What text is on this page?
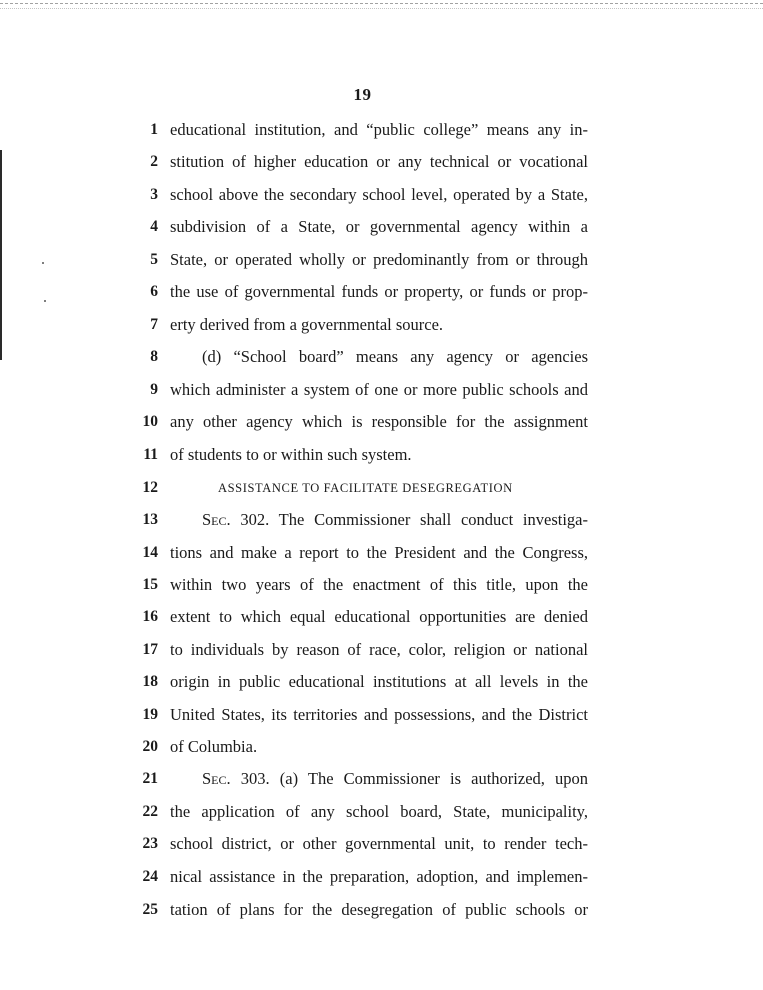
19
1 educational institution, and “public college” means any in-
2 stitution of higher education or any technical or vocational
3 school above the secondary school level, operated by a State,
4 subdivision of a State, or governmental agency within a
5 State, or operated wholly or predominantly from or through
6 the use of governmental funds or property, or funds or prop-
7 erty derived from a governmental source.
8	(d) “School board” means any agency or agencies
9 which administer a system of one or more public schools and
10 any other agency which is responsible for the assignment
11 of students to or within such system.
12	ASSISTANCE TO FACILITATE DESEGREGATION
13	Sec. 302. The Commissioner shall conduct investiga-
14 tions and make a report to the President and the Congress,
15 within two years of the enactment of this title, upon the
16 extent to which equal educational opportunities are denied
17 to individuals by reason of race, color, religion or national
18 origin in public educational institutions at all levels in the
19 United States, its territories and possessions, and the District
20 of Columbia.
21	Sec. 303. (a) The Commissioner is authorized, upon
22 the application of any school board, State, municipality,
23 school district, or other governmental unit, to render tech-
24 nical assistance in the preparation, adoption, and implemen-
25 tation of plans for the desegregation of public schools or
